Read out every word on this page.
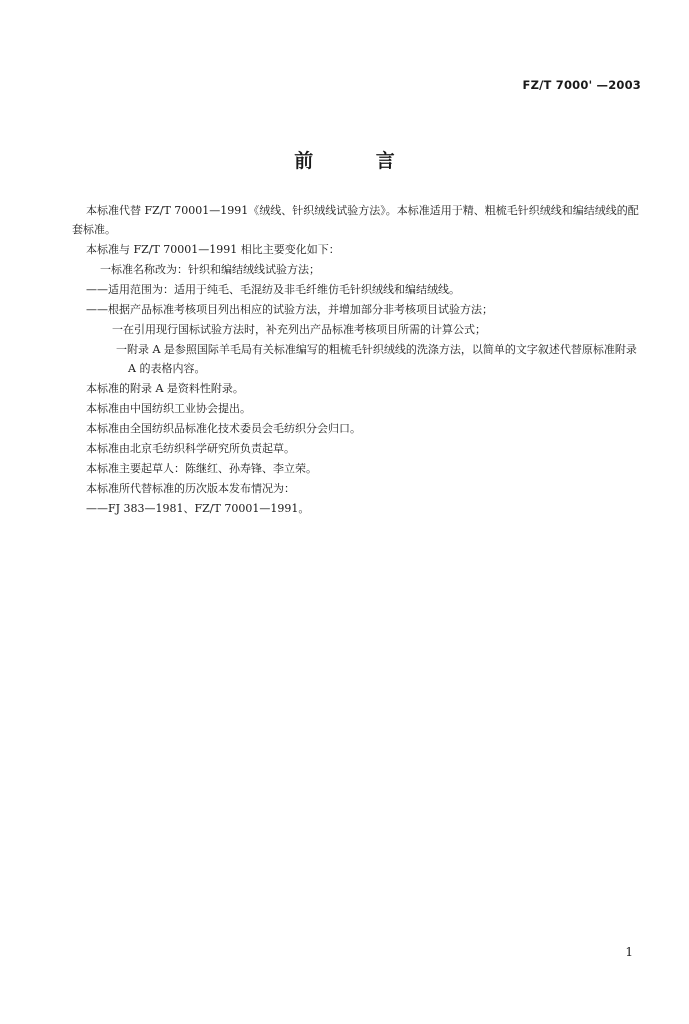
FZ/T 7000' —2003
前 言

本标准代替 FZ/T 70001—1991《绒线、针织绒线试验方法》。本标准适用于精、粗梳毛针织绒线和编结绒线的配套标准。

本标准与 FZ/T 70001—1991 相比主要变化如下：

一标准名称改为：针织和编结绒线试验方法；

——适用范围为：适用于纯毛、毛混纺及非毛纤维仿毛针织绒线和编结绒线。

——根据产品标准考核项目列出相应的试验方法，并增加部分非考核项目试验方法；

一在引用现行国标试验方法时，补充列出产品标准考核项目所需的计算公式；

一附录 A 是参照国际羊毛局有关标准编写的粗梳毛针织绒线的洗涤方法，以简单的文字叙述代替原标准附录 A 的表格内容。

本标准的附录 A 是资料性附录。

本标准由中国纺织工业协会提出。

本标准由全国纺织品标准化技术委员会毛纺织分会归口。

本标准由北京毛纺织科学研究所负责起草。

本标准主要起草人：陈继红、孙寿锋、李立荣。

本标准所代替标准的历次版本发布情况为：

——FJ 383—1981、FZ/T 70001—1991。

1
